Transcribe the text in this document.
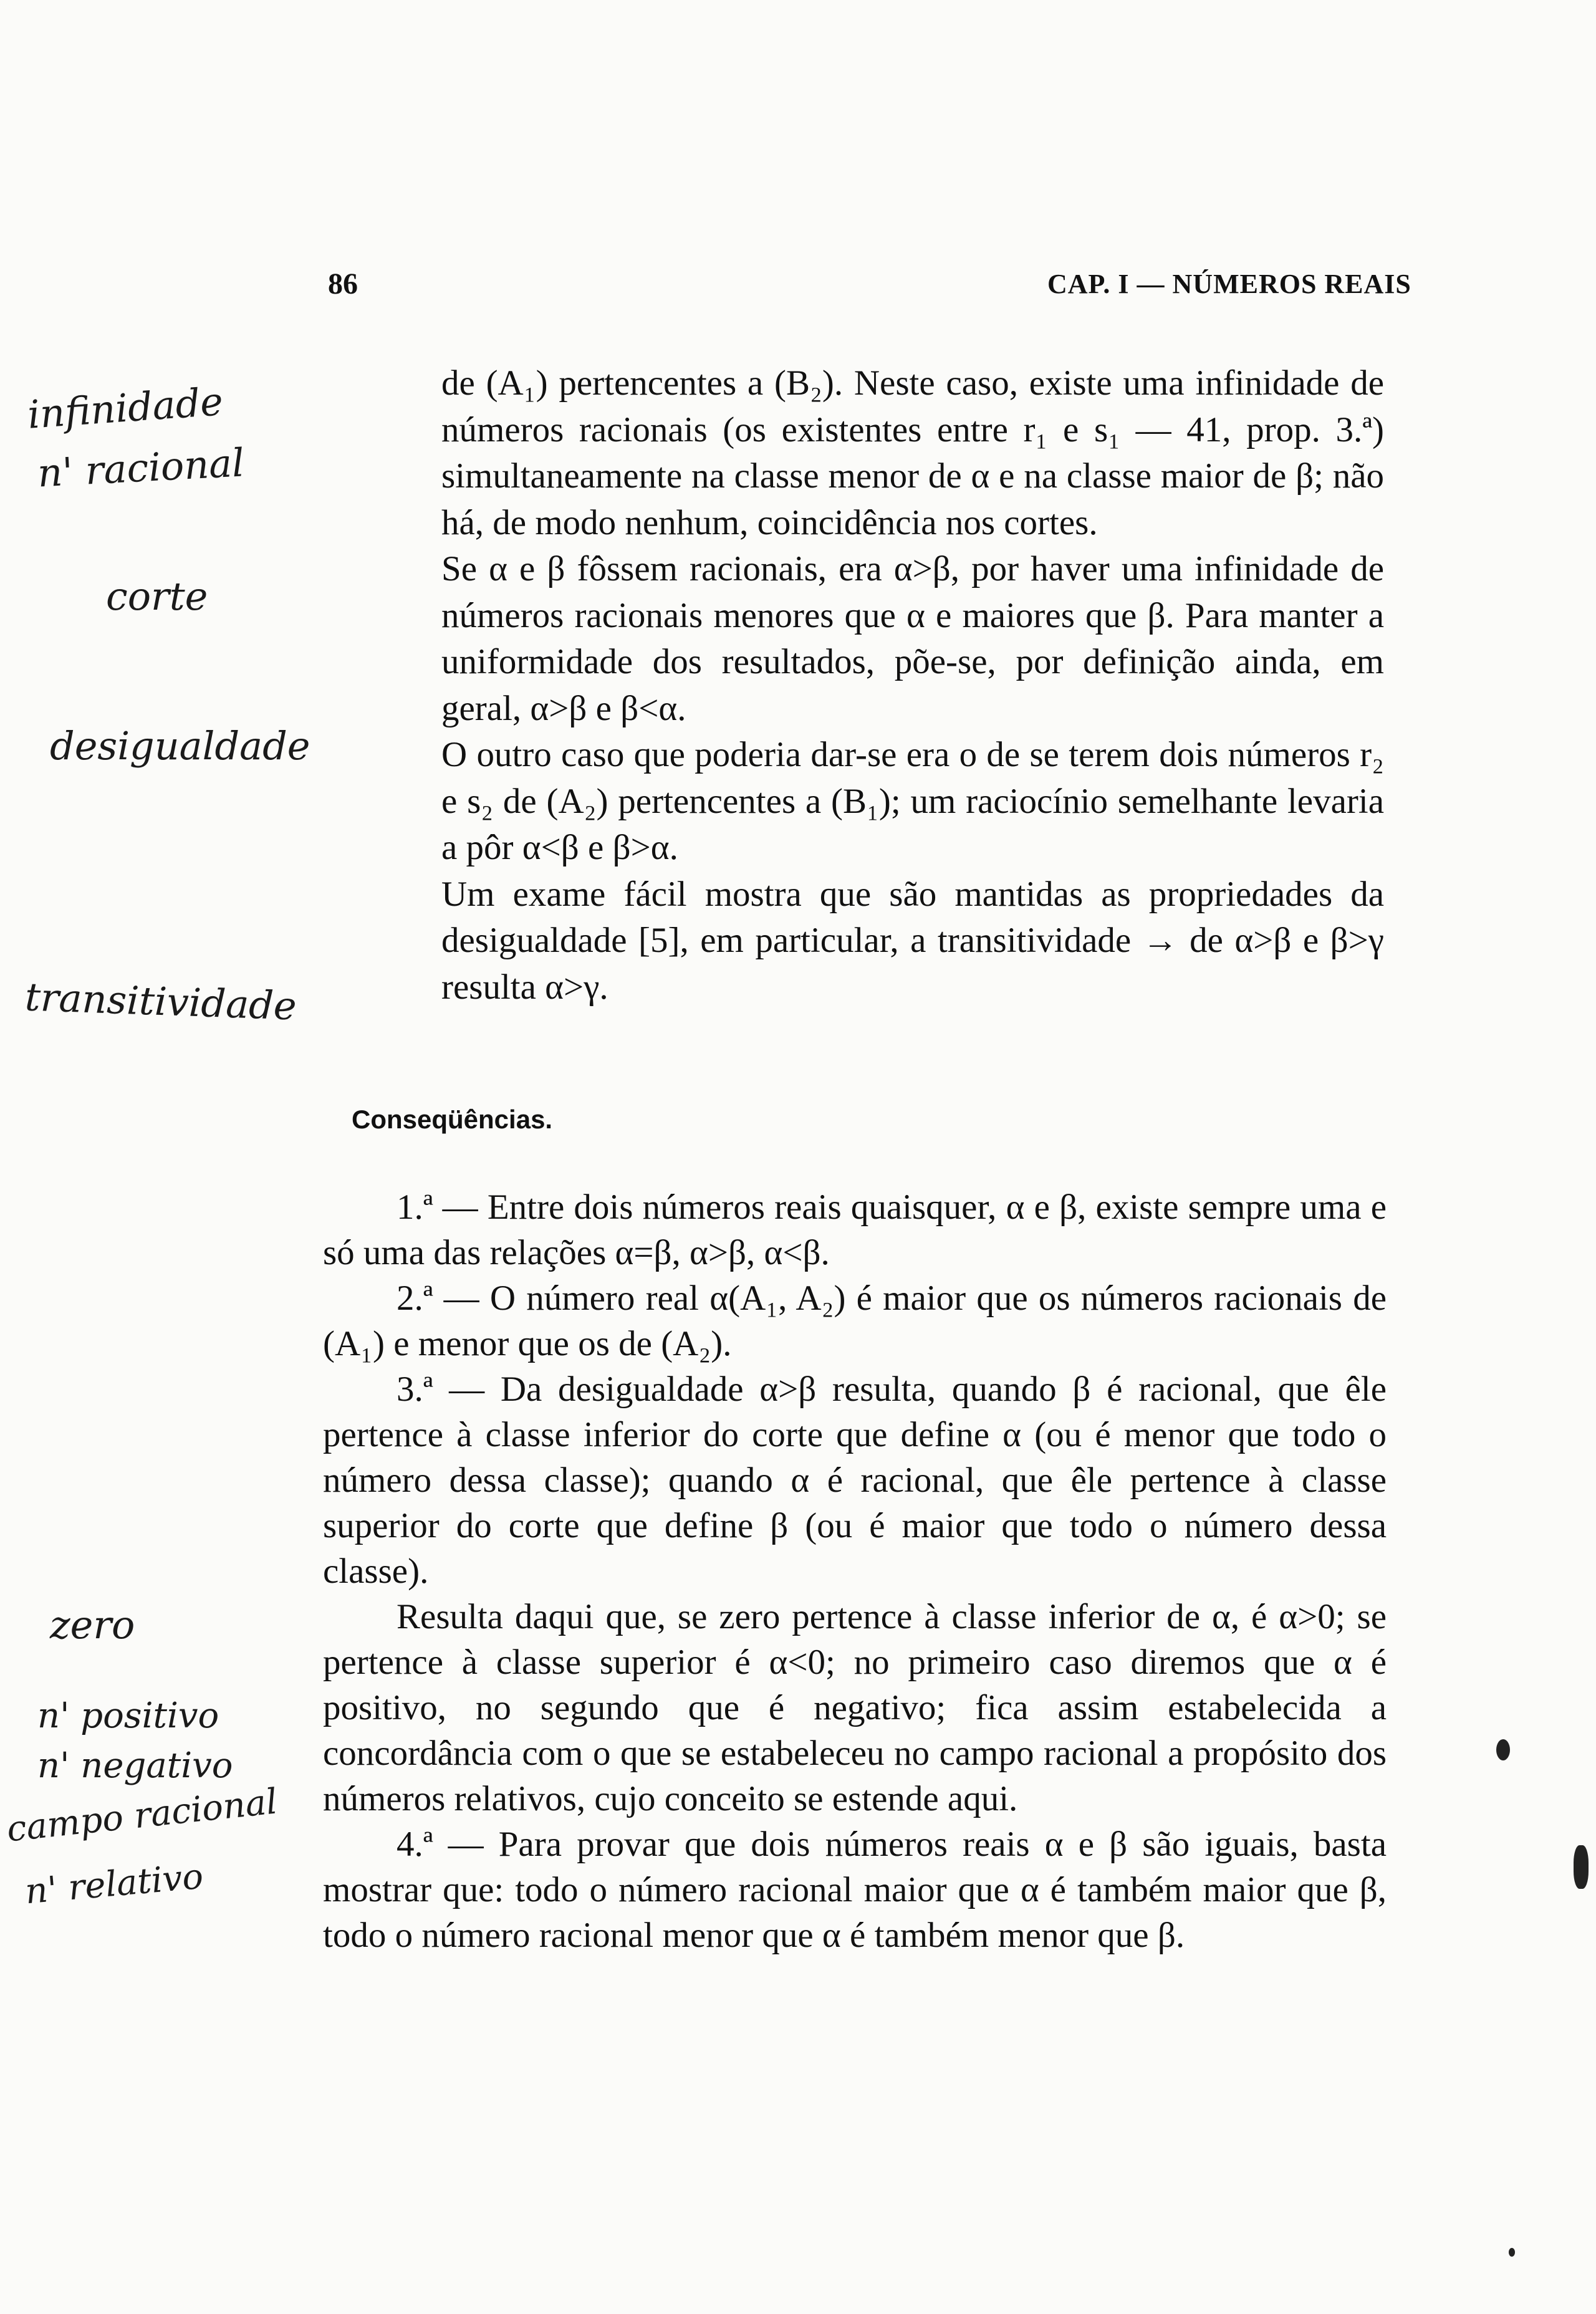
86	CAP. I — NÚMEROS REAIS

de (A₁) pertencentes a (B₂). Neste caso, existe uma infinidade de números racionais (os existentes entre r₁ e s₁ — 41, prop. 3.ª) simultaneamente na classe menor de α e na classe maior de β; não há, de modo nenhum, coincidência nos cortes.

Se α e β fôssem racionais, era α>β, por haver uma infinidade de números racionais menores que α e maiores que β. Para manter a uniformidade dos resultados, põe-se, por definição ainda, em geral, α>β e β<α.

O outro caso que poderia dar-se era o de se terem dois números r₂ e s₂ de (A₂) pertencentes a (B₁); um raciocínio semelhante levaria a pôr α<β e β>α.

Um exame fácil mostra que são mantidas as propriedades da desigualdade [5], em particular, a transitividade → de α>β e β>γ resulta α>γ.

Conseqüências.

1.ª — Entre dois números reais quaisquer, α e β, existe sempre uma e só uma das relações α=β, α>β, α<β.

2.ª — O número real α(A₁, A₂) é maior que os números racionais de (A₁) e menor que os de (A₂).

3.ª — Da desigualdade α>β resulta, quando β é racional, que êle pertence à classe inferior do corte que define α (ou é menor que todo o número dessa classe); quando α é racional, que êle pertence à classe superior do corte que define β (ou é maior que todo o número dessa classe).

Resulta daqui que, se zero pertence à classe inferior de α, é α>0; se pertence à classe superior é α<0; no primeiro caso diremos que α é positivo, no segundo que é negativo; fica assim estabelecida a concordância com o que se estabeleceu no campo racional a propósito dos números relativos, cujo conceito se estende aqui.

4.ª — Para provar que dois números reais α e β são iguais, basta mostrar que: todo o número racional maior que α é também maior que β, todo o número racional menor que α é também menor que β.

infinidade
n' racional
corte
desigualdade
transitividade
zero
n' positivo
n' negativo
campo racional
n' relativo
